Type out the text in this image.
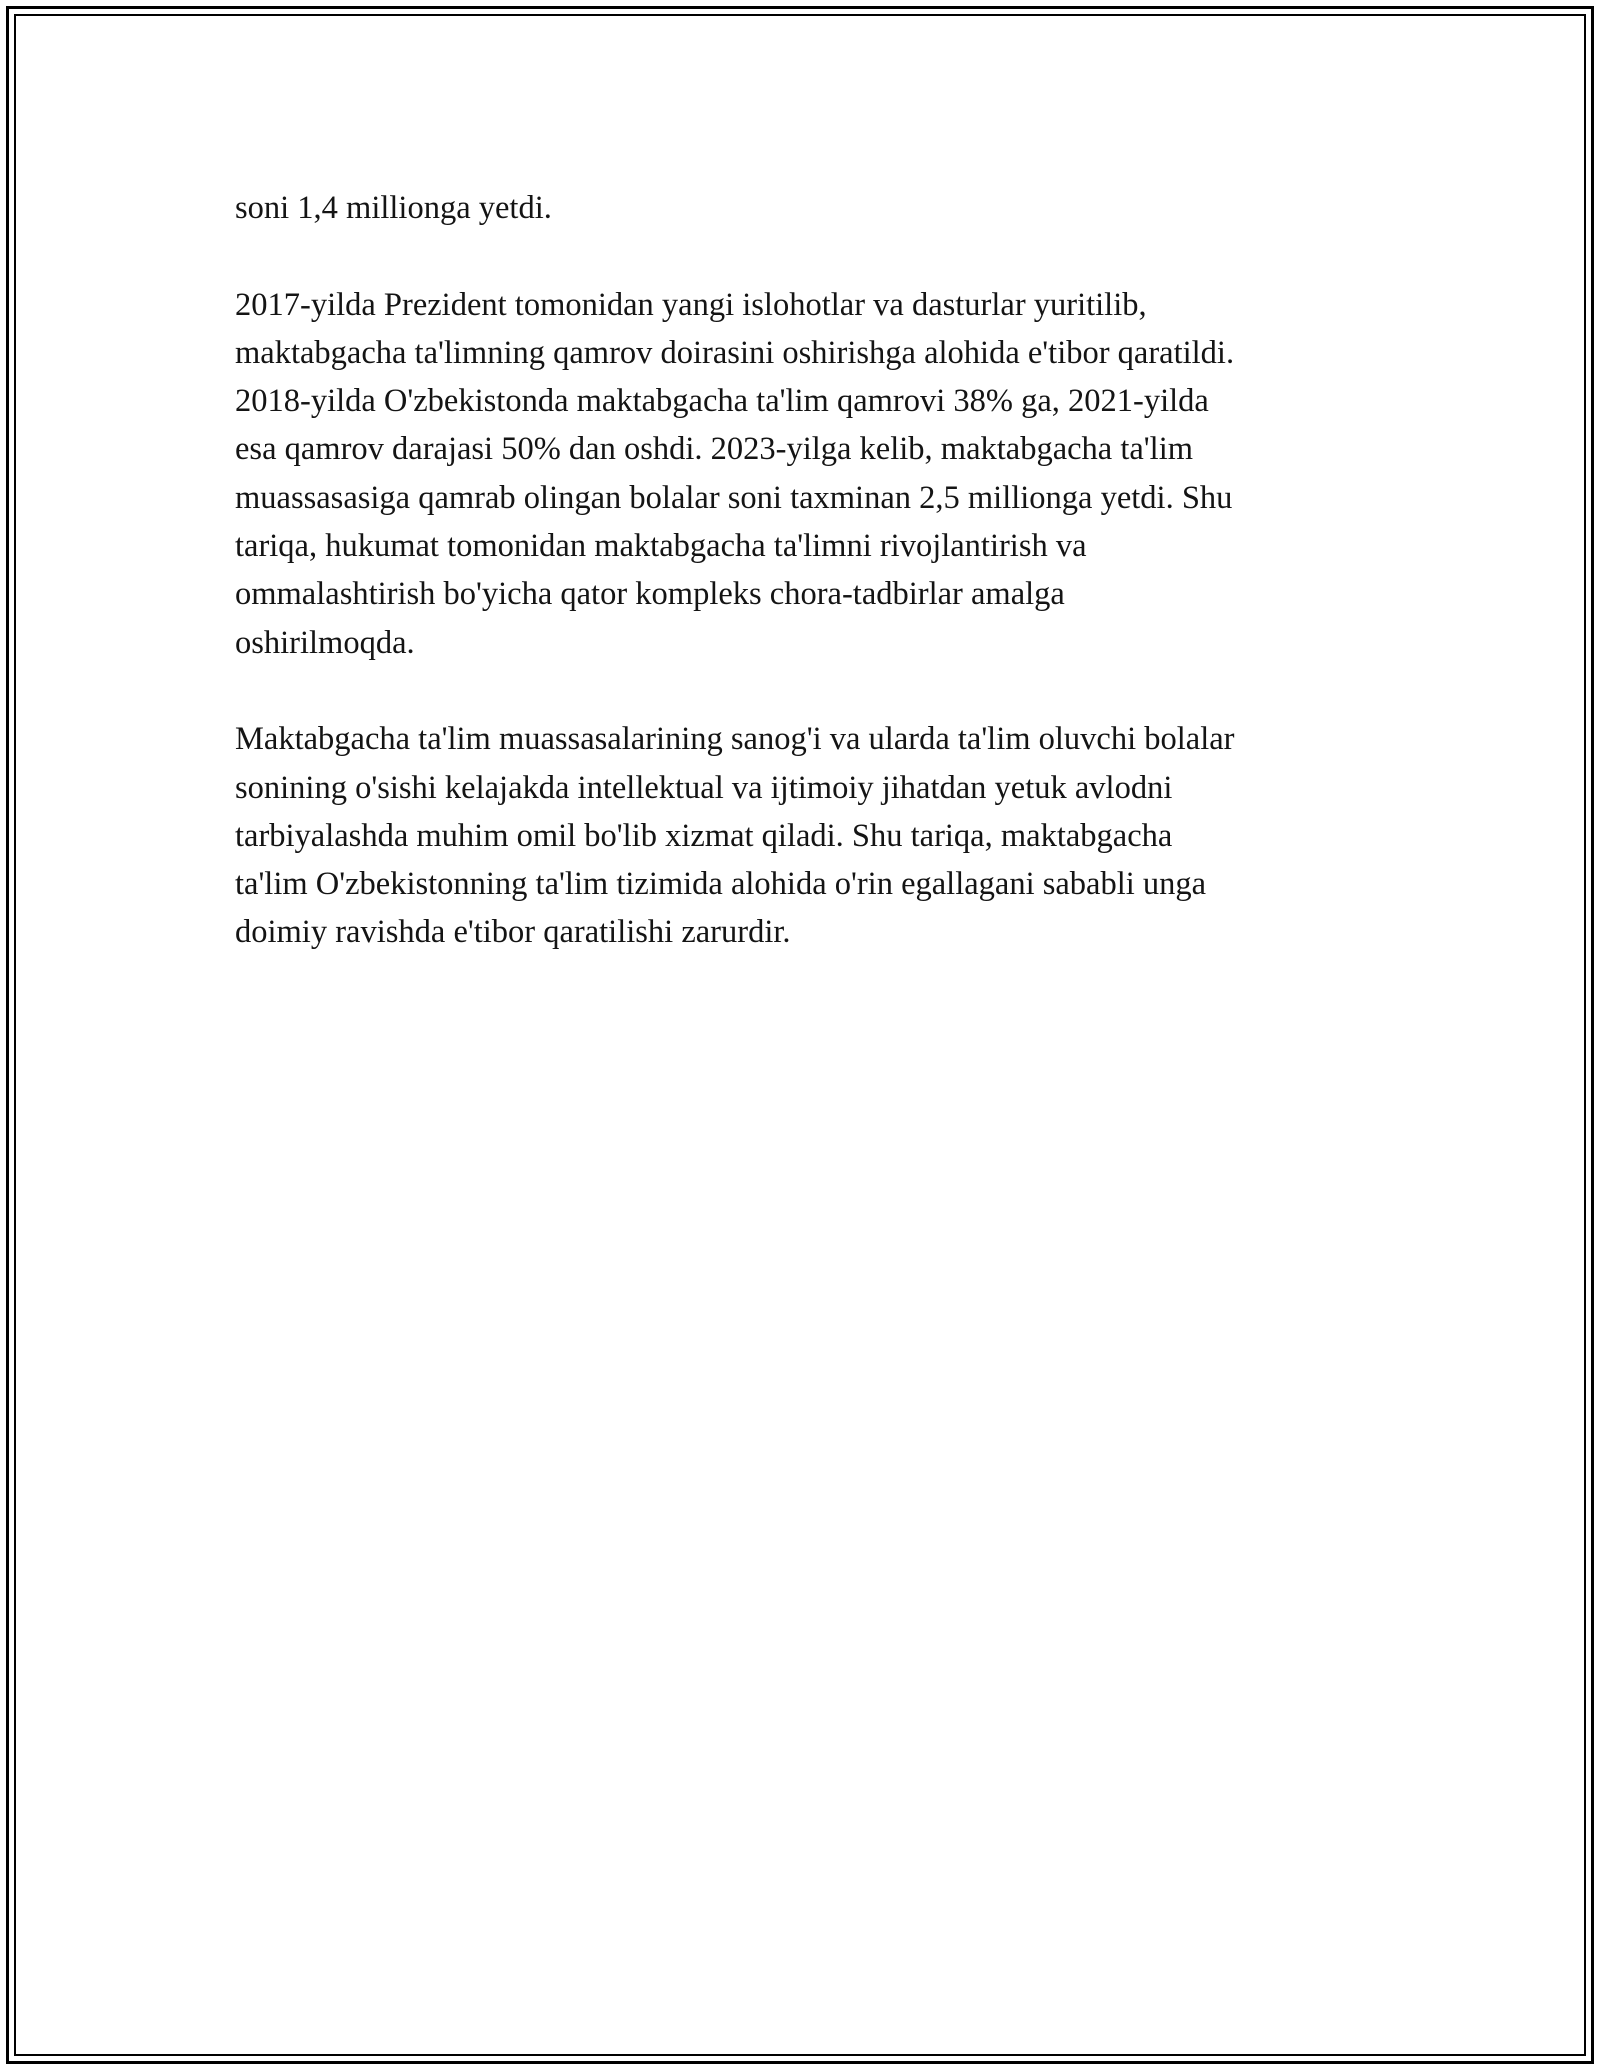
soni 1,4 millionga yetdi.

2017-yilda Prezident tomonidan yangi islohotlar va dasturlar yuritilib,
maktabgacha ta'limning qamrov doirasini oshirishga alohida e'tibor qaratildi.
2018-yilda O'zbekistonda maktabgacha ta'lim qamrovi 38% ga, 2021-yilda
esa qamrov darajasi 50% dan oshdi. 2023-yilga kelib, maktabgacha ta'lim
muassasasiga qamrab olingan bolalar soni taxminan 2,5 millionga yetdi. Shu
tariqa, hukumat tomonidan maktabgacha ta'limni rivojlantirish va
ommalashtirish bo'yicha qator kompleks chora-tadbirlar amalga
oshirilmoqda.

Maktabgacha ta'lim muassasalarining sanog'i va ularda ta'lim oluvchi bolalar
sonining o'sishi kelajakda intellektual va ijtimoiy jihatdan yetuk avlodni
tarbiyalashda muhim omil bo'lib xizmat qiladi. Shu tariqa, maktabgacha
ta'lim O'zbekistonning ta'lim tizimida alohida o'rin egallagani sababli unga
doimiy ravishda e'tibor qaratilishi zarurdir.
